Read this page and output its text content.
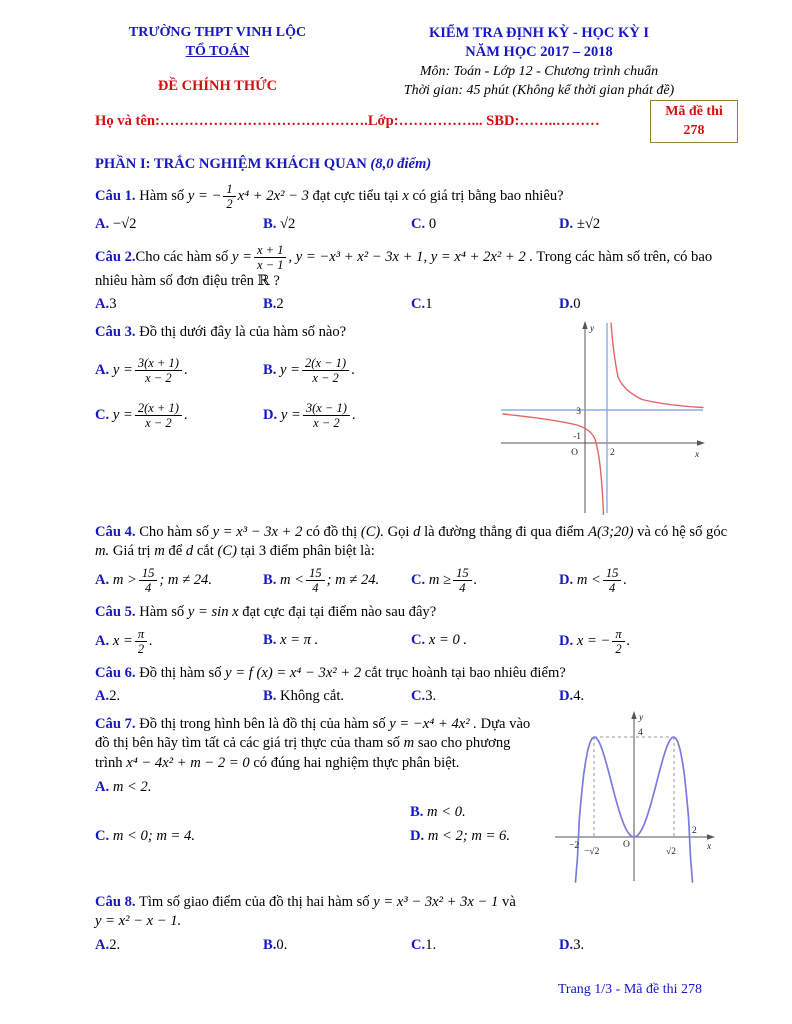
TRƯỜNG THPT VINH LỘC
TỔ TOÁN
ĐỀ CHÍNH THỨC
KIỂM TRA ĐỊNH KỲ - HỌC KỲ I
NĂM HỌC 2017 – 2018
Môn: Toán - Lớp 12 - Chương trình chuẩn
Thời gian: 45 phút (Không kể thời gian phát đề)
Họ và tên:…………………………………….Lớp:……………... SBD:……..………
Mã đề thi
278
PHẦN I: TRẮC NGHIỆM KHÁCH QUAN (8,0 điểm)

Câu 1. Hàm số y = − $\frac{1}{2} x^4 + 2x^2 - 3$ đạt cực tiểu tại x có giá trị bằng bao nhiêu?

A. −√2	B. √2	C. 0	D. ±√2

Câu 2.Cho các hàm số $y = \frac{x + 1}{x - 1}$ , y = −x³ + x² − 3x + 1, y = x⁴ + 2x² + 2 . Trong các hàm số trên, có bao nhiêu hàm số đơn điệu trên ℝ ?

A.3	B.2	C.1	D.0

Câu 3. Đồ thị dưới đây là của hàm số nào?

A. $y = \frac{3(x + 1)}{x - 2}$ .	B. $y = \frac{2(x - 1)}{x - 2}$ .
C. $y = \frac{2(x + 1)}{x - 2}$ .	D. $y = \frac{3(x - 1)}{x - 2}$ .	3
-1
O	2
y
x

Câu 4. Cho hàm số y = x³ − 3x + 2 có đồ thị (C). Gọi d là đường thẳng đi qua điểm A(3;20) và có hệ số góc m. Giá trị m để d cắt (C) tại 3 điểm phân biệt là:

A. $m > \frac{15}{4}$ ; m ≠ 24.	B. $m < \frac{15}{4}$ ; m ≠ 24.	C. $m \ge \frac{15}{4}$ .	D. $m < \frac{15}{4}$ .

Câu 5. Hàm số y = sin x đạt cực đại tại điểm nào sau đây?

A. $x = \frac{\pi}{2}$ .	B. x = π .	C. x = 0 .	D. x = − $\frac{\pi}{2}$ .

Câu 6. Đồ thị hàm số y = f (x) = x⁴ − 3x² + 2 cắt trục hoành tại bao nhiêu điểm?

A.2.	B. Không cắt.	C.3.	D.4.

Câu 7. Đồ thị trong hình bên là đồ thị của hàm số y = −x⁴ + 4x² . Dựa vào đồ thị bên hãy tìm tất cả các giá trị thực của tham số m sao cho phương trình x⁴ − 4x² + m − 2 = 0 có đúng hai nghiệm thực phân biệt.

A. m < 2.
B. m < 0.
C. m < 0; m = 4.	D. m < 2; m = 6.
y
x
4
−2
−√2
O
√2
2

Câu 8. Tìm số giao điểm của đồ thị hai hàm số y = x³ − 3x² + 3x − 1 và
y = x² − x − 1.

A.2.	B.0.	C.1.	D.3.
Trang 1/3 - Mã đề thi 278
